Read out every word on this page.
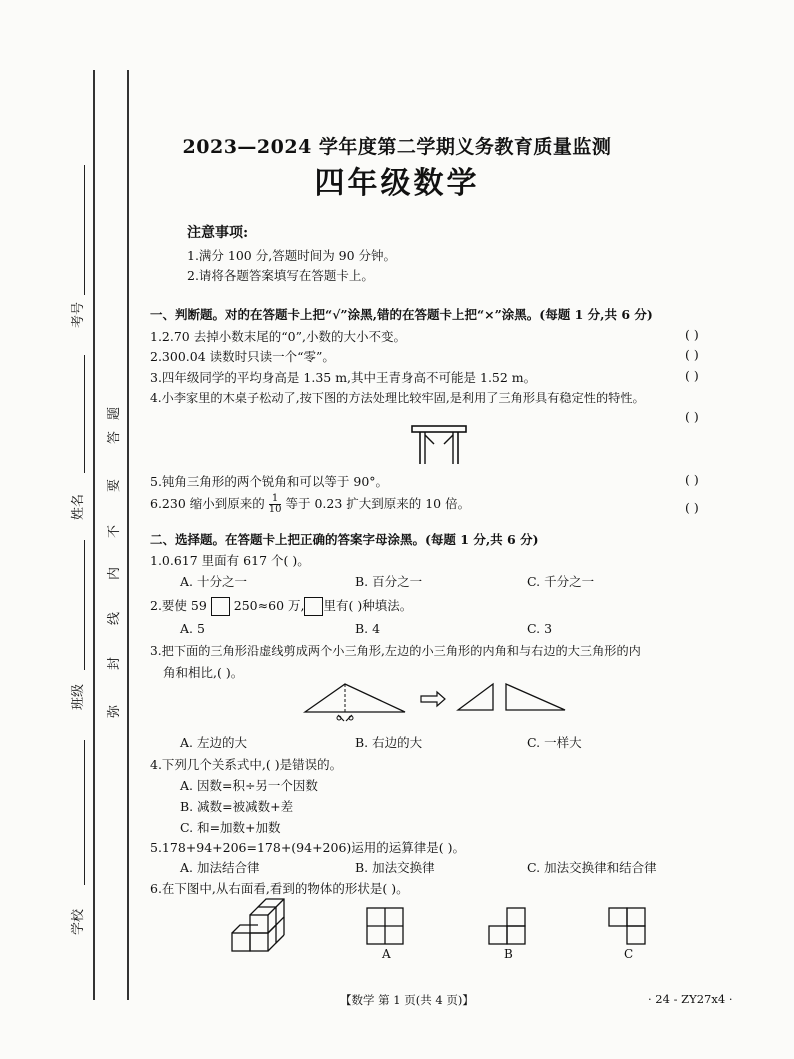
考号
姓名
班级
学校
题
答
要
不
内
线
封
弥
2023—2024 学年度第二学期义务教育质量监测
四年级数学
注意事项:
1.满分 100 分,答题时间为 90 分钟。
2.请将各题答案填写在答题卡上。
一、判断题。对的在答题卡上把“√”涂黑,错的在答题卡上把“×”涂黑。(每题 1 分,共 6 分)
1.2.70 去掉小数末尾的“0”,小数的大小不变。	( )
2.300.04 读数时只读一个“零”。	( )
3.四年级同学的平均身高是 1.35 m,其中王青身高不可能是 1.52 m。	( )
4.小李家里的木桌子松动了,按下图的方法处理比较牢固,是利用了三角形具有稳定性的特性。
( )
5.钝角三角形的两个锐角和可以等于 90°。	( )
6.230 缩小到原来的 $\frac{1}{10}$ 等于 0.23 扩大到原来的 10 倍。	( )
二、选择题。在答题卡上把正确的答案字母涂黑。(每题 1 分,共 6 分)
1.0.617 里面有 617 个( )。
A. 十分之一	B. 百分之一	C. 千分之一
2.要使 59 250≈60 万, 里有( )种填法。
A. 5	B. 4	C. 3
3.把下面的三角形沿虚线剪成两个小三角形,左边的小三角形的内角和与右边的大三角形的内
角和相比,( )。
A. 左边的大	B. 右边的大	C. 一样大
4.下列几个关系式中,( )是错误的。
A. 因数=积÷另一个因数
B. 减数=被减数+差
C. 和=加数+加数
5.178+94+206=178+(94+206)运用的运算律是( )。
A. 加法结合律	B. 加法交换律	C. 加法交换律和结合律
6.在下图中,从右面看,看到的物体的形状是( )。
A	B	C
【数学 第 1 页(共 4 页)】	· 24 - ZY27x4 ·
